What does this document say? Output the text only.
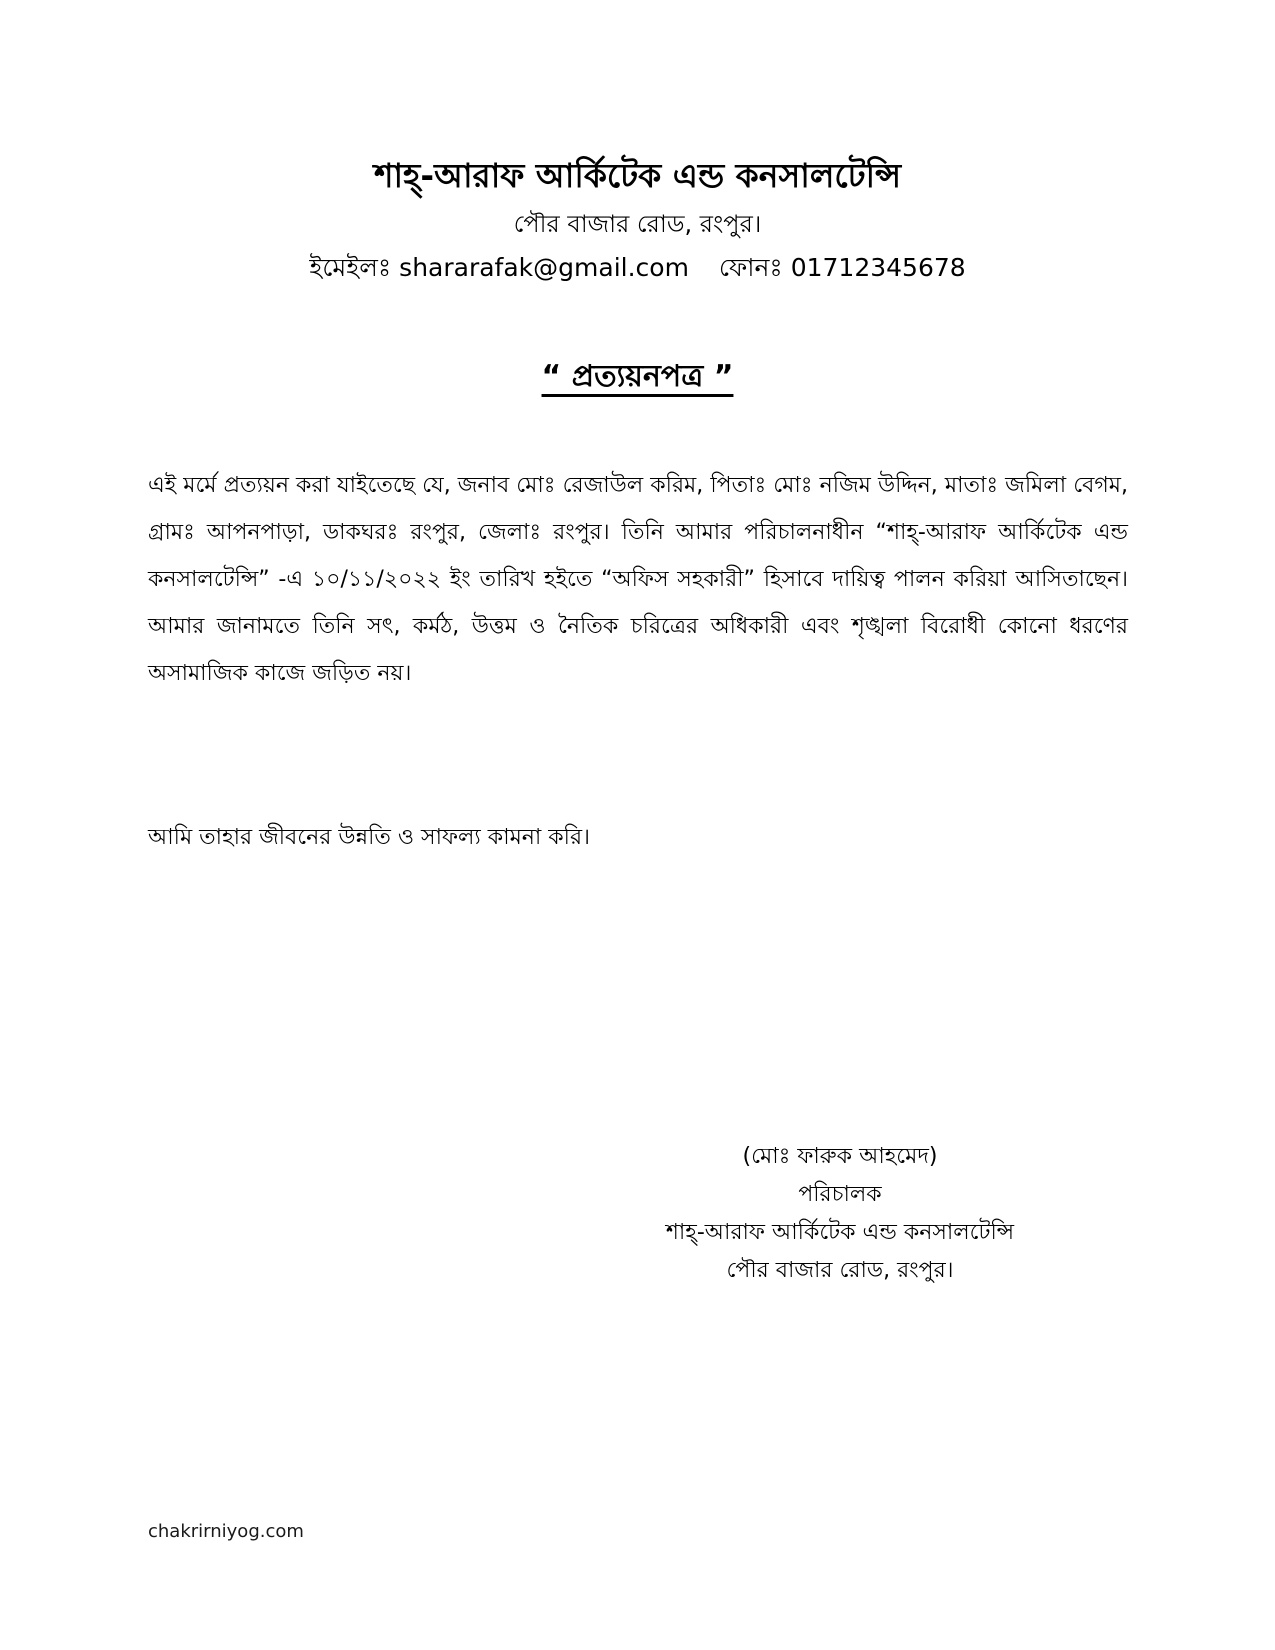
শাহ্-আরাফ আর্কিটেক এন্ড কনসালটেন্সি

পৌর বাজার রোড, রংপুর।

ইমেইলঃ shararafak@gmail.com ফোনঃ 01712345678

“ প্রত্যয়নপত্র ”

এই মর্মে প্রত্যয়ন করা যাইতেছে যে, জনাব মোঃ রেজাউল করিম, পিতাঃ মোঃ নজিম উদ্দিন, মাতাঃ জমিলা বেগম, গ্রামঃ আপনপাড়া, ডাকঘরঃ রংপুর, জেলাঃ রংপুর। তিনি আমার পরিচালনাধীন “শাহ্-আরাফ আর্কিটেক এন্ড কনসালটেন্সি” -এ ১০/১১/২০২২ ইং তারিখ হইতে “অফিস সহকারী” হিসাবে দায়িত্ব পালন করিয়া আসিতাছেন। আমার জানামতে তিনি সৎ, কর্মঠ, উত্তম ও নৈতিক চরিত্রের অধিকারী এবং শৃঙ্খলা বিরোধী কোনো ধরণের অসামাজিক কাজে জড়িত নয়।

আমি তাহার জীবনের উন্নতি ও সাফল্য কামনা করি।

(মোঃ ফারুক আহমেদ)
পরিচালক
শাহ্-আরাফ আর্কিটেক এন্ড কনসালটেন্সি
পৌর বাজার রোড, রংপুর।
chakrirniyog.com
